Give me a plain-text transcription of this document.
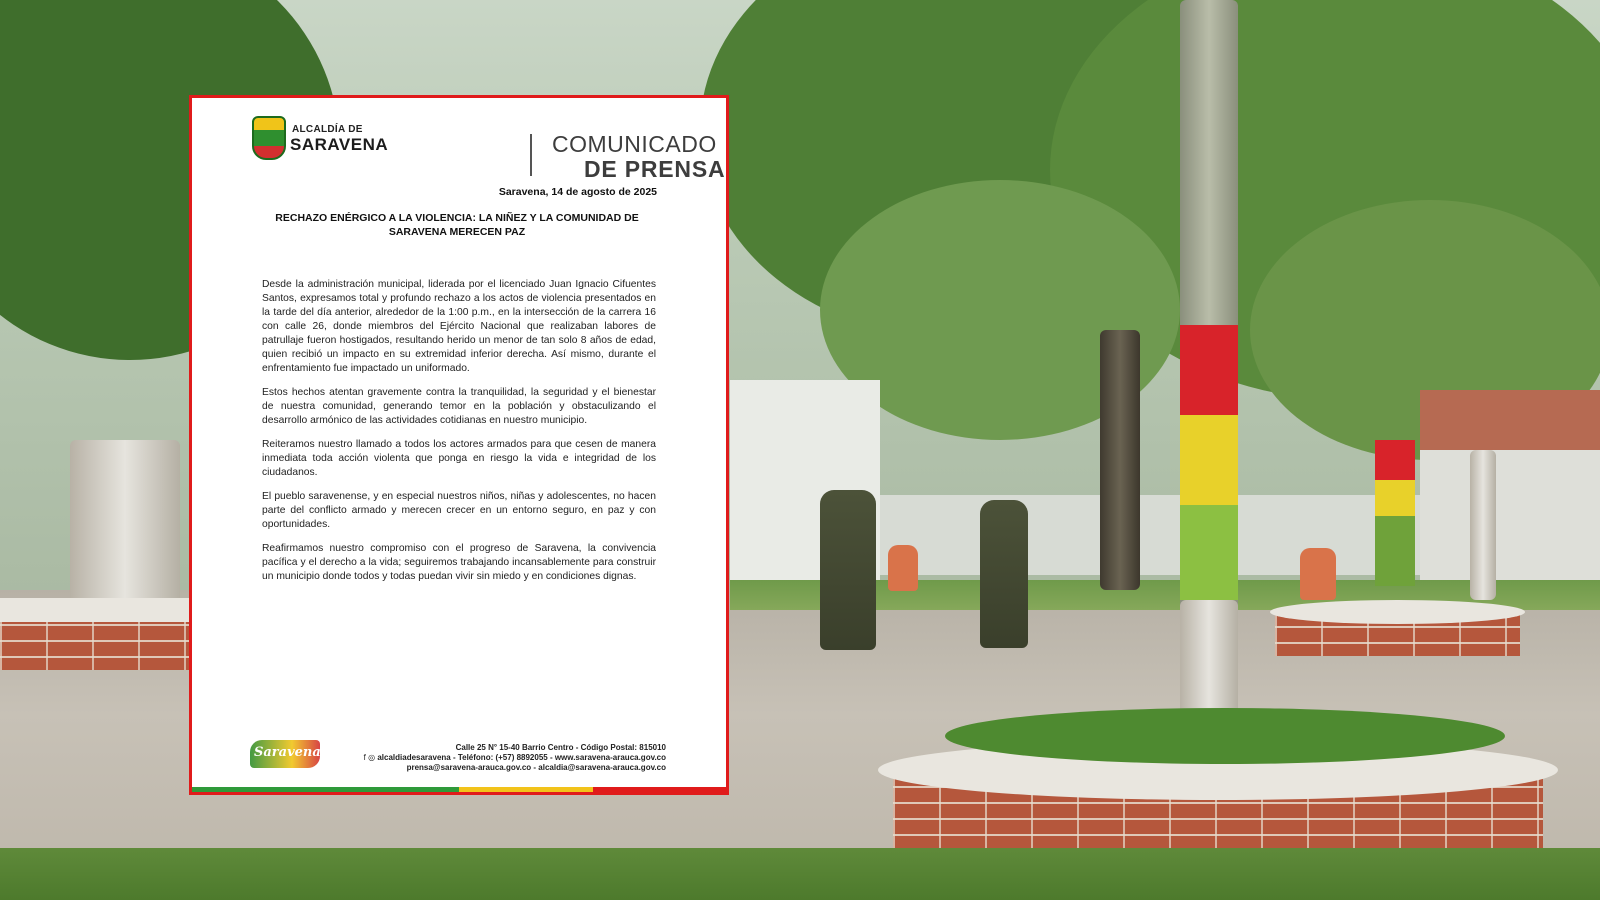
ALCALDÍA DE
SARAVENA	COMUNICADO
DE PRENSA
Saravena, 14 de agosto de 2025
RECHAZO ENÉRGICO A LA VIOLENCIA: LA NIÑEZ Y LA COMUNIDAD DE SARAVENA MERECEN PAZ

Desde la administración municipal, liderada por el licenciado Juan Ignacio Cifuentes Santos, expresamos total y profundo rechazo a los actos de violencia presentados en la tarde del día anterior, alrededor de la 1:00 p.m., en la intersección de la carrera 16 con calle 26, donde miembros del Ejército Nacional que realizaban labores de patrullaje fueron hostigados, resultando herido un menor de tan solo 8 años de edad, quien recibió un impacto en su extremidad inferior derecha. Así mismo, durante el enfrentamiento fue impactado un uniformado.

Estos hechos atentan gravemente contra la tranquilidad, la seguridad y el bienestar de nuestra comunidad, generando temor en la población y obstaculizando el desarrollo armónico de las actividades cotidianas en nuestro municipio.

Reiteramos nuestro llamado a todos los actores armados para que cesen de manera inmediata toda acción violenta que ponga en riesgo la vida e integridad de los ciudadanos.

El pueblo saravenense, y en especial nuestros niños, niñas y adolescentes, no hacen parte del conflicto armado y merecen crecer en un entorno seguro, en paz y con oportunidades.

Reafirmamos nuestro compromiso con el progreso de Saravena, la convivencia pacífica y el derecho a la vida; seguiremos trabajando incansablemente para construir un municipio donde todos y todas puedan vivir sin miedo y en condiciones dignas.

Saravena	Calle 25 N° 15-40 Barrio Centro - Código Postal: 815010
f ◎ alcaldiadesaravena - Teléfono: (+57) 8892055 - www.saravena-arauca.gov.co
prensa@saravena-arauca.gov.co - alcaldia@saravena-arauca.gov.co
